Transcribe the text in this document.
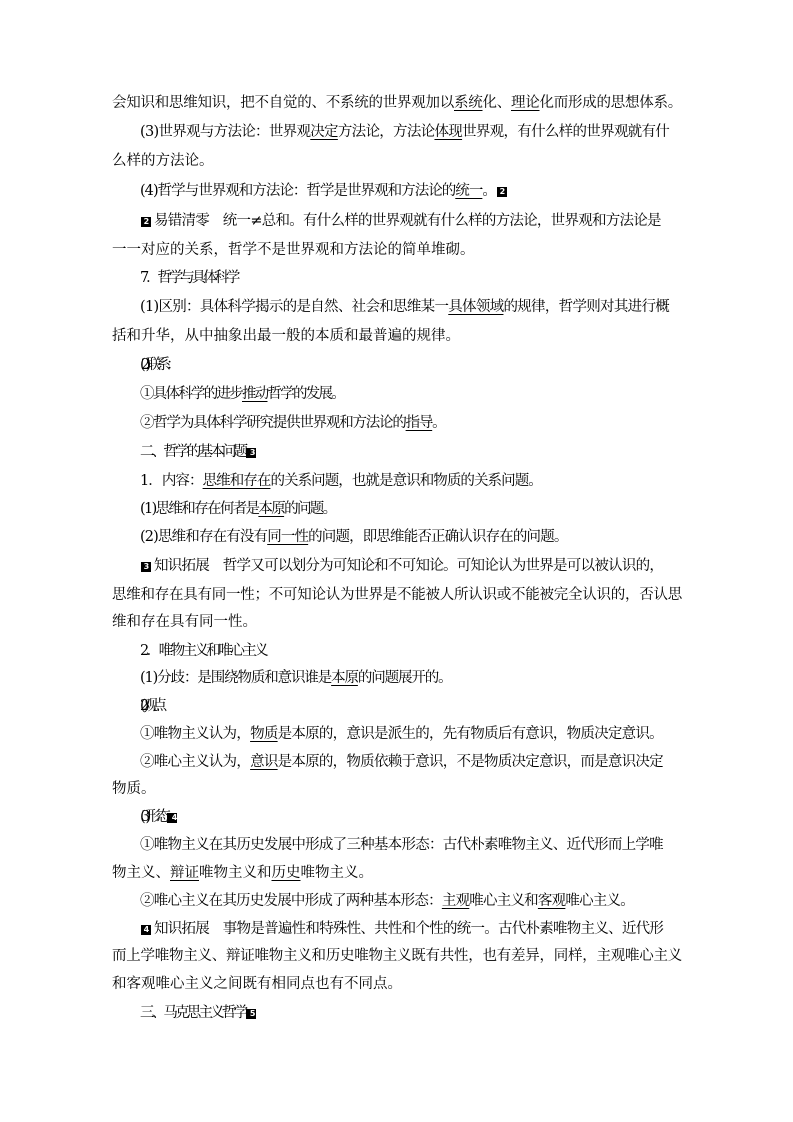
会知识和思维知识，把不自觉的、不系统的世界观加以系统化、理论化而形成的思想体系。
(3)世界观与方法论：世界观决定方法论，方法论体现世界观，有什么样的世界观就有什
么样的方法论。
(4)哲学与世界观和方法论：哲学是世界观和方法论的统一。 2
2 易错清零　统一≠总和。有什么样的世界观就有什么样的方法论，世界观和方法论是
一一对应的关系，哲学不是世界观和方法论的简单堆砌。
7．哲学与具体科学
(1)区别：具体科学揭示的是自然、社会和思维某一具体领域的规律，哲学则对其进行概
括和升华，从中抽象出最一般的本质和最普遍的规律。
(2)联系：
①具体科学的进步推动哲学的发展。
②哲学为具体科学研究提供世界观和方法论的指导。
二、哲学的基本问题 3
1．内容：思维和存在的关系问题，也就是意识和物质的关系问题。
(1)思维和存在何者是本原的问题。
(2)思维和存在有没有同一性的问题，即思维能否正确认识存在的问题。
3 知识拓展　哲学又可以划分为可知论和不可知论。可知论认为世界是可以被认识的，
思维和存在具有同一性；不可知论认为世界是不能被人所认识或不能被完全认识的，否认思
维和存在具有同一性。
2．唯物主义和唯心主义
(1)分歧：是围绕物质和意识谁是本原的问题展开的。
(2)观点
①唯物主义认为，物质是本原的，意识是派生的，先有物质后有意识，物质决定意识。
②唯心主义认为，意识是本原的，物质依赖于意识，不是物质决定意识，而是意识决定
物质。
(3)形态 4
①唯物主义在其历史发展中形成了三种基本形态：古代朴素唯物主义、近代形而上学唯
物主义、辩证唯物主义和历史唯物主义。
②唯心主义在其历史发展中形成了两种基本形态：主观唯心主义和客观唯心主义。
4 知识拓展　事物是普遍性和特殊性、共性和个性的统一。古代朴素唯物主义、近代形
而上学唯物主义、辩证唯物主义和历史唯物主义既有共性，也有差异，同样，主观唯心主义
和客观唯心主义之间既有相同点也有不同点。
三、马克思主义哲学 5
